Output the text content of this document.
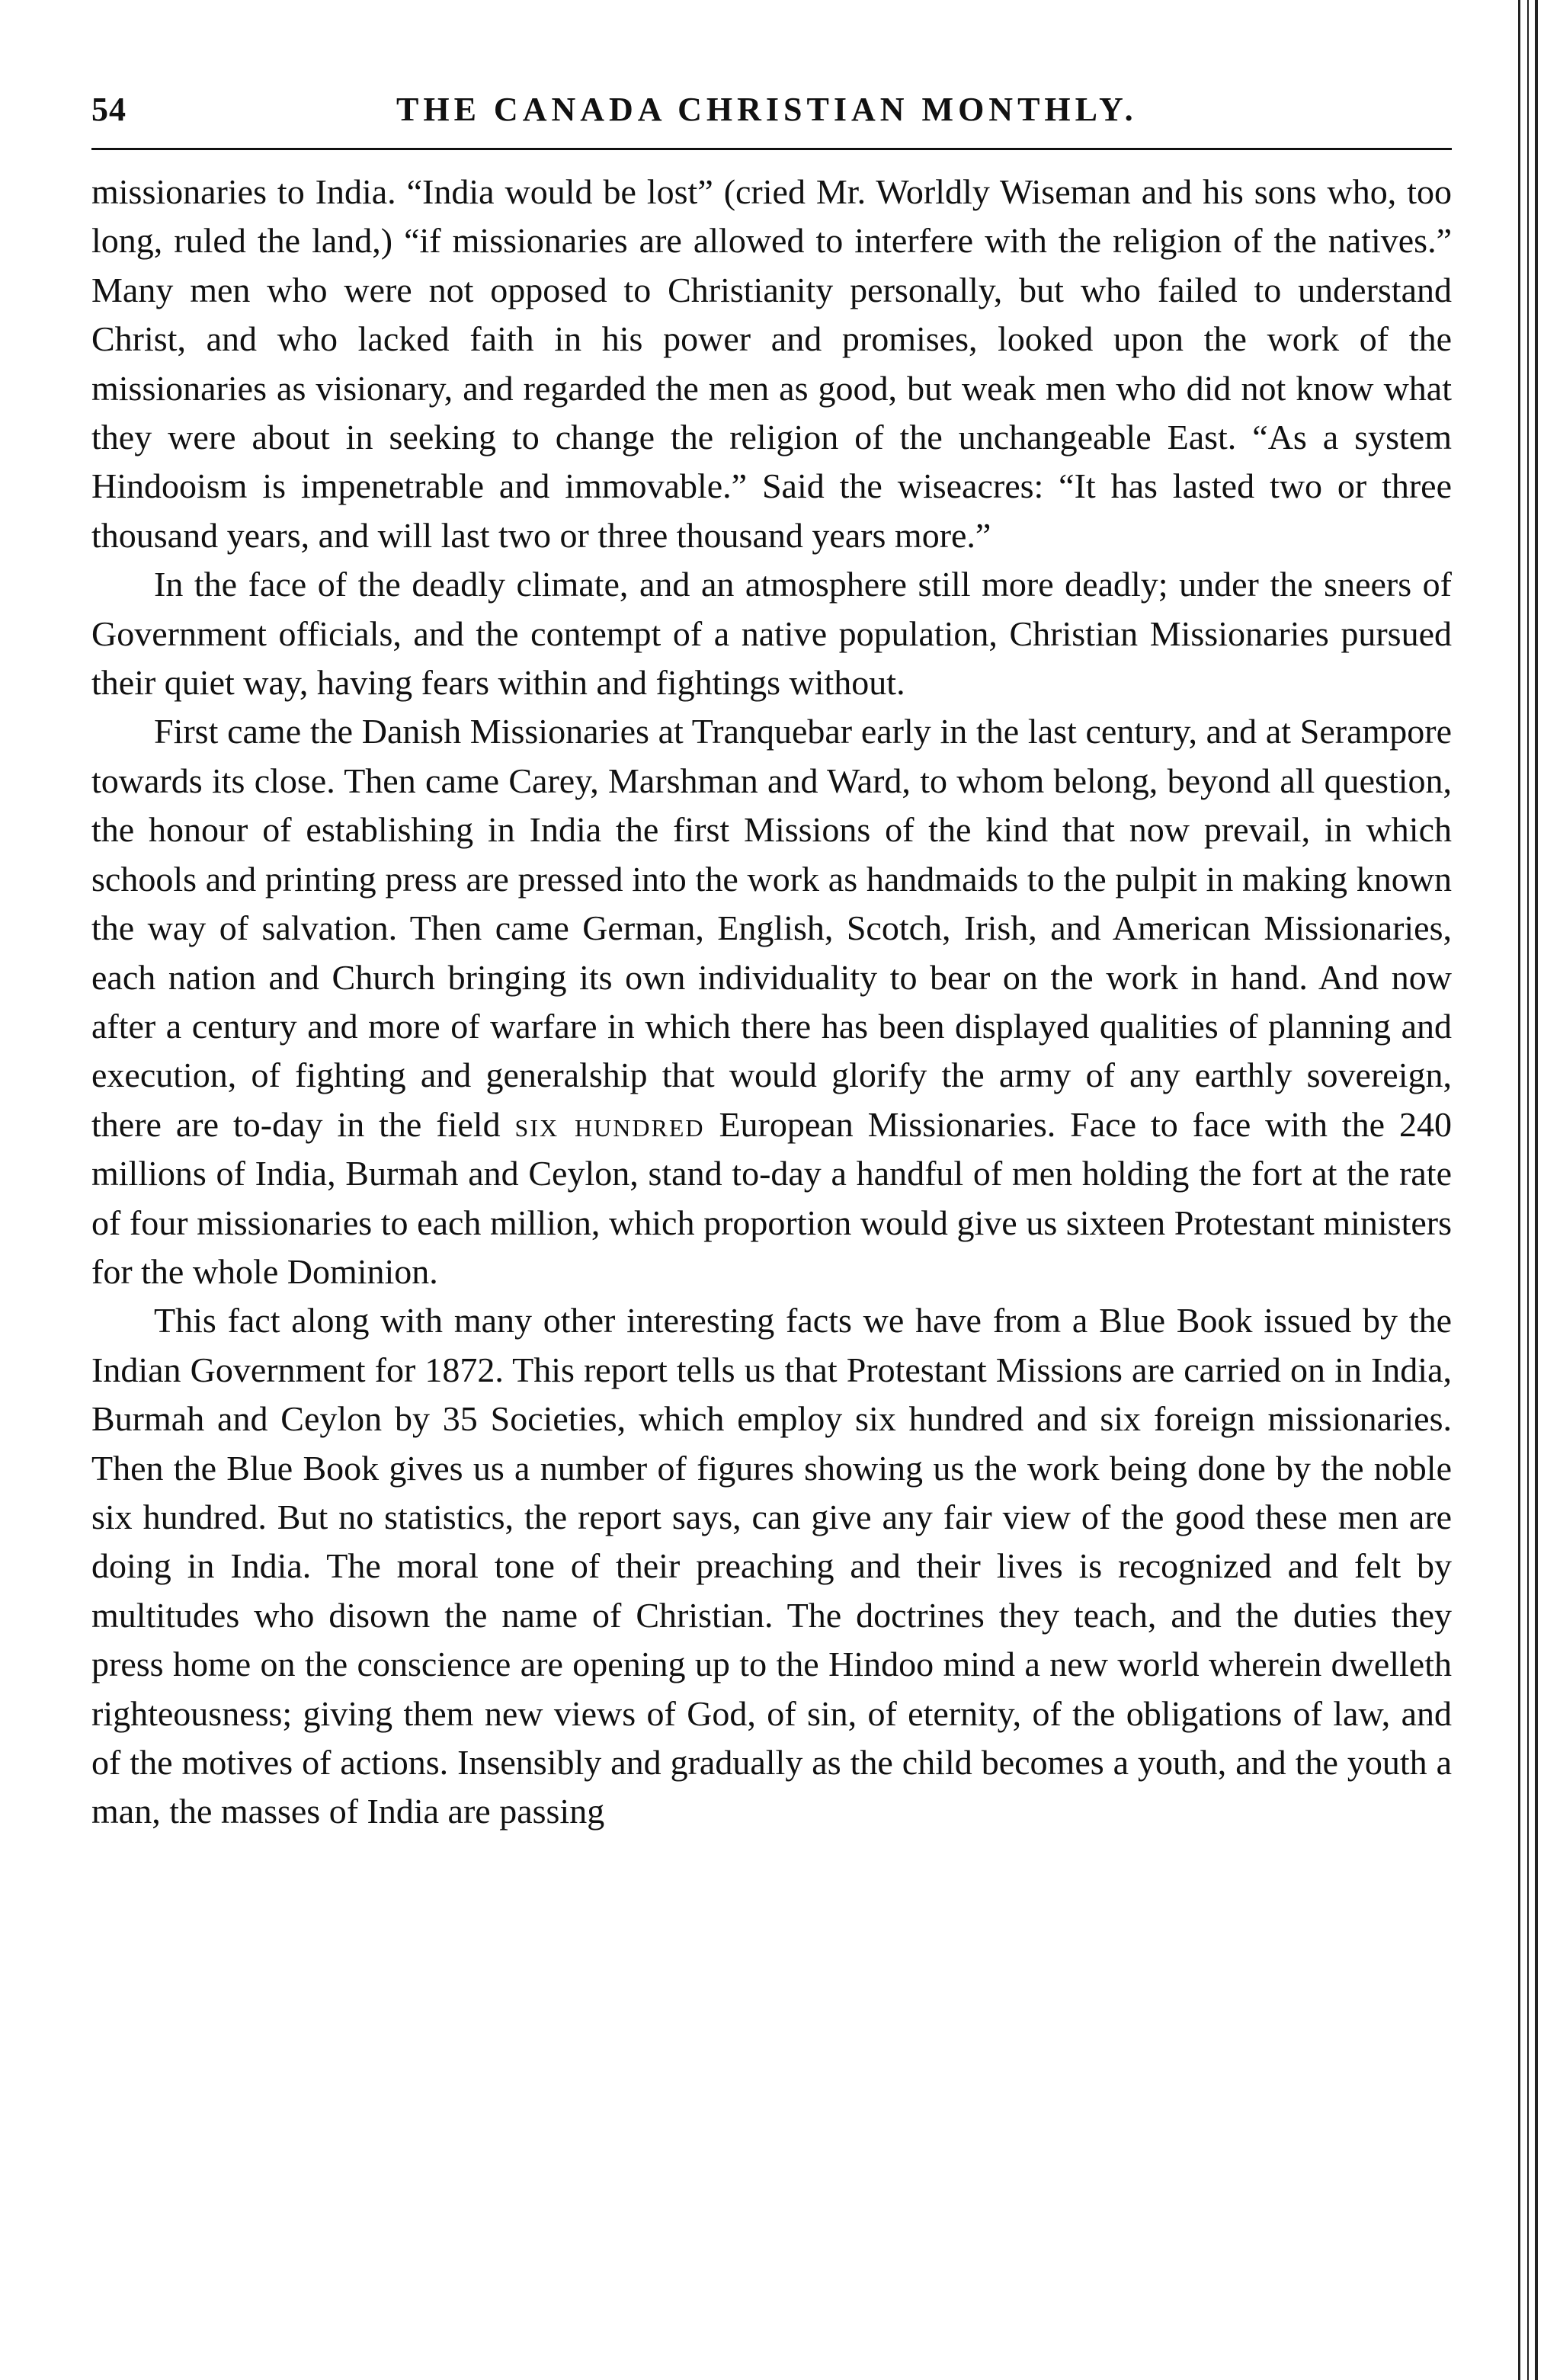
54	THE CANADA CHRISTIAN MONTHLY.

missionaries to India. “India would be lost” (cried Mr. Worldly Wiseman and his sons who, too long, ruled the land,) “if missionaries are allowed to interfere with the religion of the natives.” Many men who were not opposed to Christianity personally, but who failed to understand Christ, and who lacked faith in his power and promises, looked upon the work of the missionaries as visionary, and regarded the men as good, but weak men who did not know what they were about in seeking to change the religion of the unchangeable East. “As a system Hindooism is impenetrable and immovable.” Said the wiseacres: “It has lasted two or three thousand years, and will last two or three thousand years more.”

In the face of the deadly climate, and an atmosphere still more deadly; under the sneers of Government officials, and the contempt of a native population, Christian Missionaries pursued their quiet way, having fears within and fightings without.

First came the Danish Missionaries at Tranquebar early in the last century, and at Serampore towards its close. Then came Carey, Marshman and Ward, to whom belong, beyond all question, the honour of establishing in India the first Missions of the kind that now prevail, in which schools and printing press are pressed into the work as handmaids to the pulpit in making known the way of salvation. Then came German, English, Scotch, Irish, and American Missionaries, each nation and Church bringing its own individuality to bear on the work in hand. And now after a century and more of warfare in which there has been displayed qualities of planning and execution, of fighting and generalship that would glorify the army of any earthly sovereign, there are to-day in the field six hundred European Missionaries. Face to face with the 240 millions of India, Burmah and Ceylon, stand to-day a handful of men holding the fort at the rate of four missionaries to each million, which proportion would give us sixteen Protestant ministers for the whole Dominion.

This fact along with many other interesting facts we have from a Blue Book issued by the Indian Government for 1872. This report tells us that Protestant Missions are carried on in India, Burmah and Ceylon by 35 Societies, which employ six hundred and six foreign missionaries. Then the Blue Book gives us a number of figures showing us the work being done by the noble six hundred. But no statistics, the report says, can give any fair view of the good these men are doing in India. The moral tone of their preaching and their lives is recognized and felt by multitudes who disown the name of Christian. The doctrines they teach, and the duties they press home on the conscience are opening up to the Hindoo mind a new world wherein dwelleth righteousness; giving them new views of God, of sin, of eternity, of the obligations of law, and of the motives of actions. Insensibly and gradually as the child becomes a youth, and the youth a man, the masses of India are passing
